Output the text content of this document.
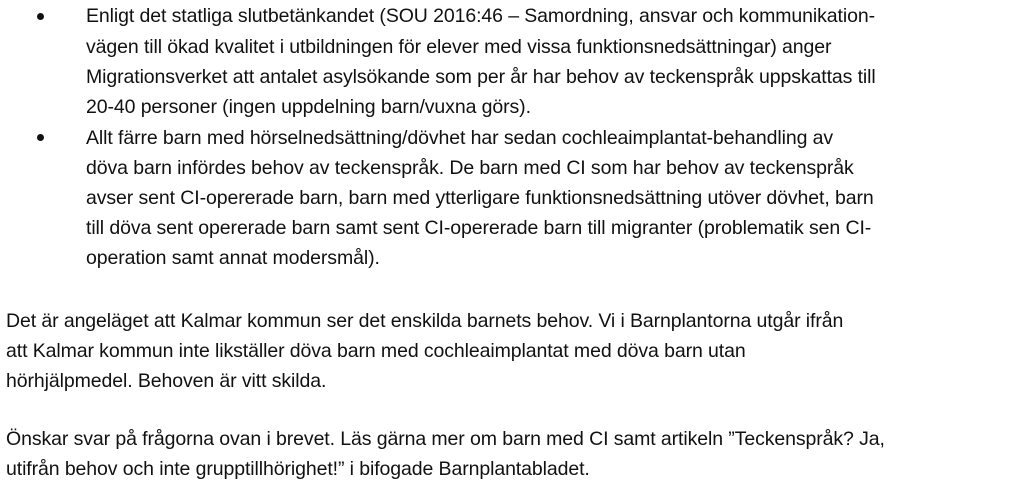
Enligt det statliga slutbetänkandet (SOU 2016:46 – Samordning, ansvar och kommunikation-
vägen till ökad kvalitet i utbildningen för elever med vissa funktionsnedsättningar) anger
Migrationsverket att antalet asylsökande som per år har behov av teckenspråk uppskattas till
20-40 personer (ingen uppdelning barn/vuxna görs).
Allt färre barn med hörselnedsättning/dövhet har sedan cochleaimplantat-behandling av
döva barn infördes behov av teckenspråk. De barn med CI som har behov av teckenspråk
avser sent CI-opererade barn, barn med ytterligare funktionsnedsättning utöver dövhet, barn
till döva sent opererade barn samt sent CI-opererade barn till migranter (problematik sen CI-
operation samt annat modersmål).
Det är angeläget att Kalmar kommun ser det enskilda barnets behov. Vi i Barnplantorna utgår ifrån
att Kalmar kommun inte likställer döva barn med cochleaimplantat med döva barn utan
hörhjälpmedel. Behoven är vitt skilda.
Önskar svar på frågorna ovan i brevet. Läs gärna mer om barn med CI samt artikeln ”Teckenspråk? Ja,
utifrån behov och inte grupptillhörighet!” i bifogade Barnplantabladet.
